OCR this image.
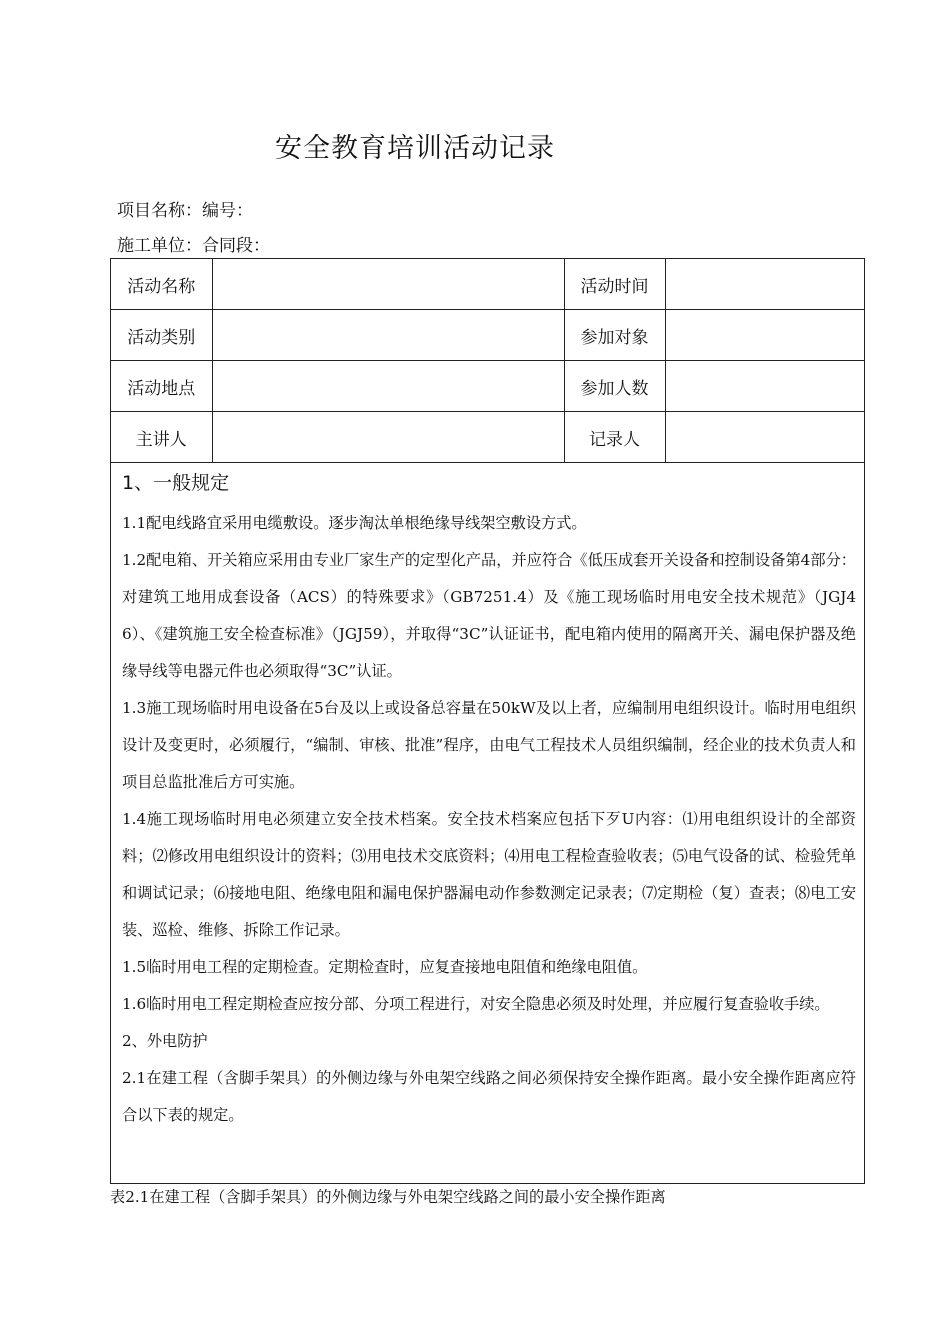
安全教育培训活动记录
项目名称：编号：
施工单位：合同段：
活动名称		活动时间	
活动类别		参加对象	
活动地点		参加人数	
主讲人		记录人	
1、一般规定

1.1配电线路宜采用电缆敷设。逐步淘汰单根绝缘导线架空敷设方式。

1.2配电箱、开关箱应采用由专业厂家生产的定型化产品，并应符合《低压成套开关设备和控制设备第4部分：对建筑工地用成套设备（ACS）的特殊要求》（GB7251.4）及《施工现场临时用电安全技术规范》（JGJ46）、《建筑施工安全检查标准》（JGJ59），并取得“3C”认证证书，配电箱内使用的隔离开关、漏电保护器及绝缘导线等电器元件也必须取得“3C”认证。

1.3施工现场临时用电设备在5台及以上或设备总容量在50kW及以上者，应编制用电组织设计。临时用电组织设计及变更时，必须履行，“编制、审核、批准”程序，由电气工程技术人员组织编制，经企业的技术负责人和项目总监批准后方可实施。

1.4施工现场临时用电必须建立安全技术档案。安全技术档案应包括下歹U内容：⑴用电组织设计的全部资料；⑵修改用电组织设计的资料；⑶用电技术交底资料；⑷用电工程检查验收表；⑸电气设备的试、检验凭单和调试记录；⑹接地电阻、绝缘电阻和漏电保护器漏电动作参数测定记录表；⑺定期检（复）查表；⑻电工安装、巡检、维修、拆除工作记录。

1.5临时用电工程的定期检查。定期检查时，应复查接地电阻值和绝缘电阻值。

1.6临时用电工程定期检查应按分部、分项工程进行，对安全隐患必须及时处理，并应履行复查验收手续。

2、外电防护

2.1在建工程（含脚手架具）的外侧边缘与外电架空线路之间必须保持安全操作距离。最小安全操作距离应符合以下表的规定。

表2.1在建工程（含脚手架具）的外侧边缘与外电架空线路之间的最小安全操作距离
